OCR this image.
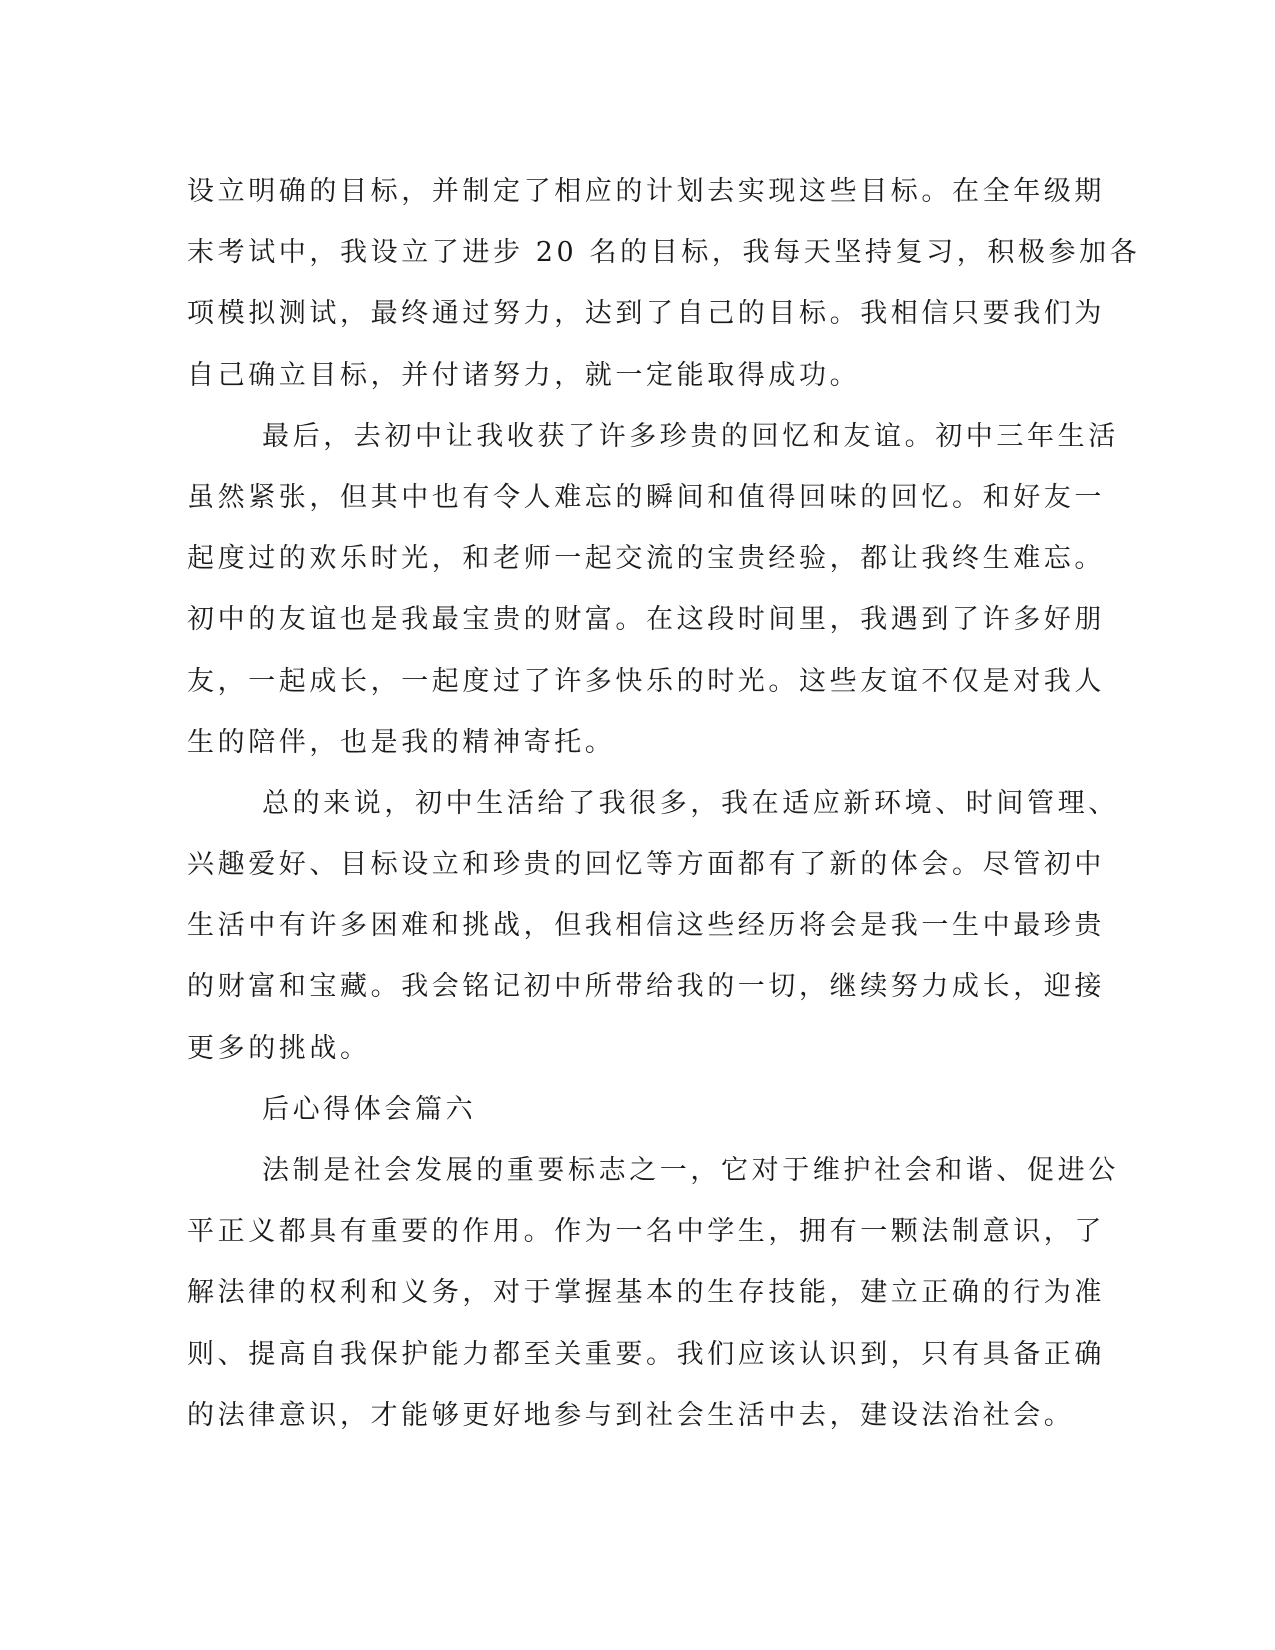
设立明确的目标，并制定了相应的计划去实现这些目标。在全年级期
末考试中，我设立了进步 20 名的目标，我每天坚持复习，积极参加各
项模拟测试，最终通过努力，达到了自己的目标。我相信只要我们为
自己确立目标，并付诸努力，就一定能取得成功。
最后，去初中让我收获了许多珍贵的回忆和友谊。初中三年生活
虽然紧张，但其中也有令人难忘的瞬间和值得回味的回忆。和好友一
起度过的欢乐时光，和老师一起交流的宝贵经验，都让我终生难忘。
初中的友谊也是我最宝贵的财富。在这段时间里，我遇到了许多好朋
友，一起成长，一起度过了许多快乐的时光。这些友谊不仅是对我人
生的陪伴，也是我的精神寄托。
总的来说，初中生活给了我很多，我在适应新环境、时间管理、
兴趣爱好、目标设立和珍贵的回忆等方面都有了新的体会。尽管初中
生活中有许多困难和挑战，但我相信这些经历将会是我一生中最珍贵
的财富和宝藏。我会铭记初中所带给我的一切，继续努力成长，迎接
更多的挑战。
后心得体会篇六
法制是社会发展的重要标志之一，它对于维护社会和谐、促进公
平正义都具有重要的作用。作为一名中学生，拥有一颗法制意识，了
解法律的权利和义务，对于掌握基本的生存技能，建立正确的行为准
则、提高自我保护能力都至关重要。我们应该认识到，只有具备正确
的法律意识，才能够更好地参与到社会生活中去，建设法治社会。
